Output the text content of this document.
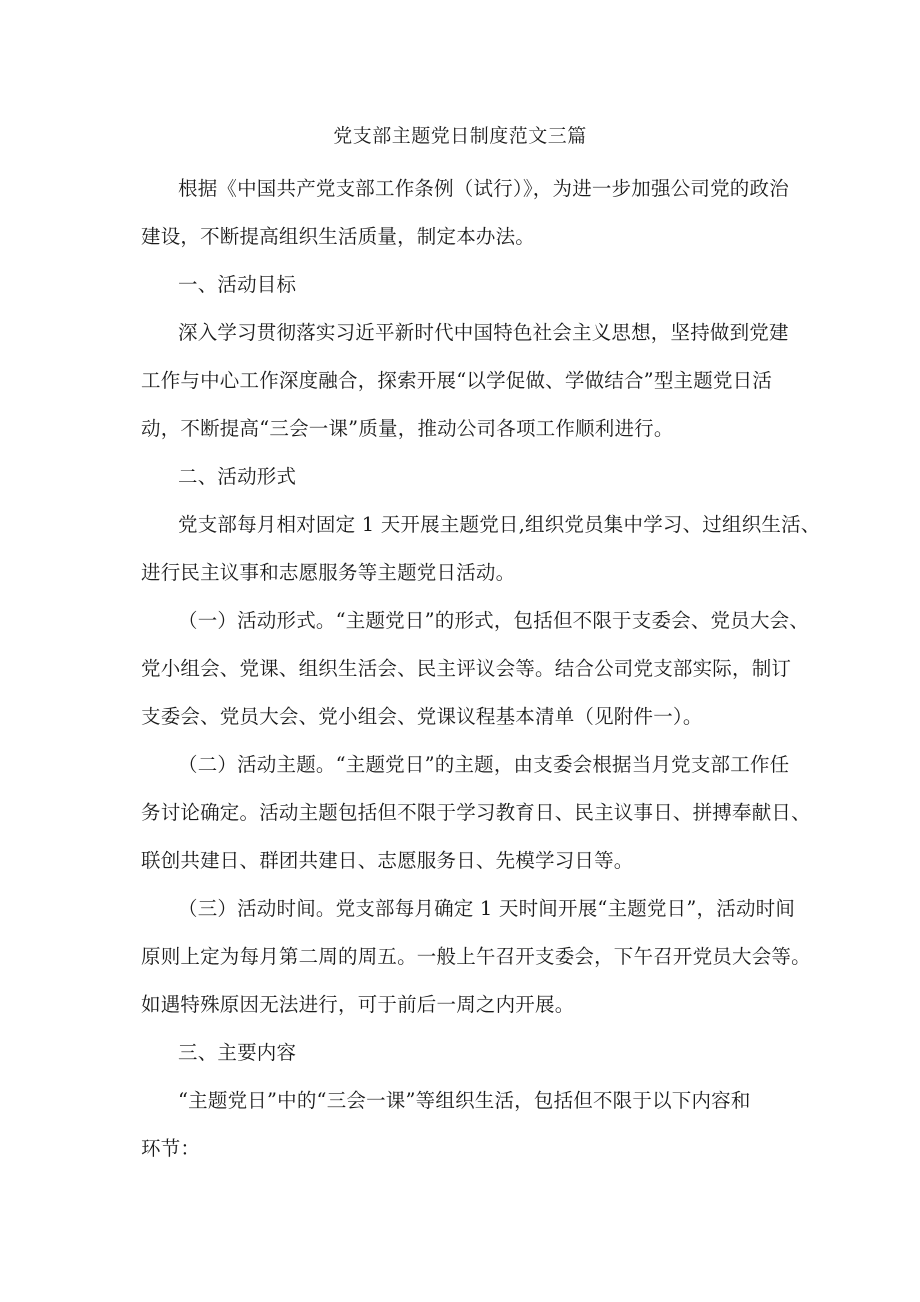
党支部主题党日制度范文三篇
根据《中国共产党支部工作条例（试行）》，为进一步加强公司党的政治
建设，不断提高组织生活质量，制定本办法。
一、活动目标
深入学习贯彻落实习近平新时代中国特色社会主义思想，坚持做到党建
工作与中心工作深度融合，探索开展“以学促做、学做结合”型主题党日活
动，不断提高“三会一课”质量，推动公司各项工作顺利进行。
二、活动形式
党支部每月相对固定 1 天开展主题党日,组织党员集中学习、过组织生活、
进行民主议事和志愿服务等主题党日活动。
（一）活动形式。“主题党日”的形式，包括但不限于支委会、党员大会、
党小组会、党课、组织生活会、民主评议会等。结合公司党支部实际，制订
支委会、党员大会、党小组会、党课议程基本清单（见附件一）。
（二）活动主题。“主题党日”的主题，由支委会根据当月党支部工作任
务讨论确定。活动主题包括但不限于学习教育日、民主议事日、拼搏奉献日、
联创共建日、群团共建日、志愿服务日、先模学习日等。
（三）活动时间。党支部每月确定 1 天时间开展“主题党日”，活动时间
原则上定为每月第二周的周五。一般上午召开支委会，下午召开党员大会等。
如遇特殊原因无法进行，可于前后一周之内开展。
三、主要内容
“主题党日”中的“三会一课”等组织生活，包括但不限于以下内容和
环节：
